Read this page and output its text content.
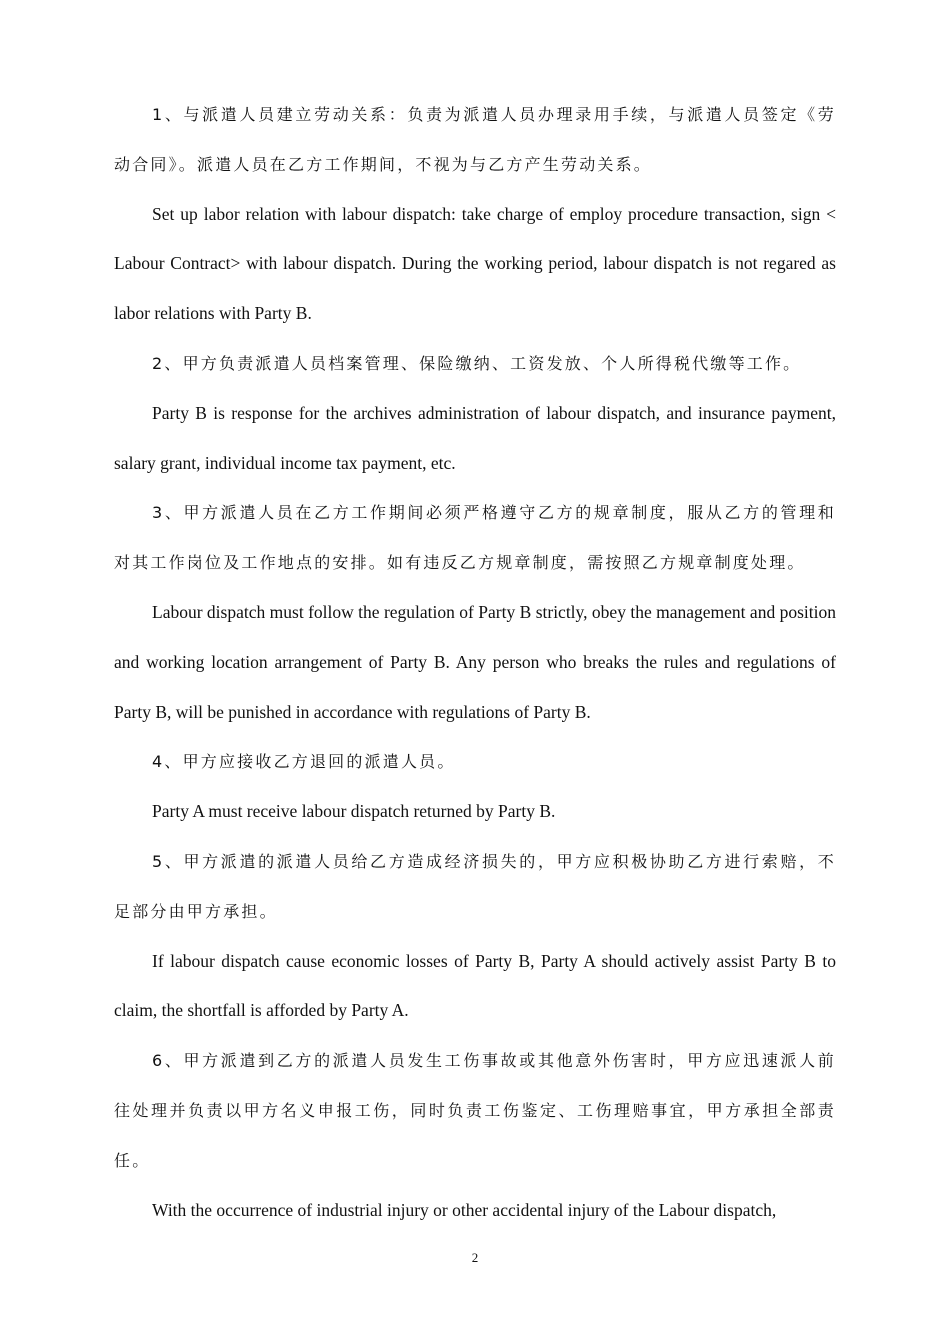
1、与派遣人员建立劳动关系：负责为派遣人员办理录用手续，与派遣人员签定《劳动合同》。派遣人员在乙方工作期间，不视为与乙方产生劳动关系。

Set up labor relation with labour dispatch: take charge of employ procedure transaction, sign < Labour Contract> with labour dispatch. During the working period, labour dispatch is not regared as labor relations with Party B.

2、甲方负责派遣人员档案管理、保险缴纳、工资发放、个人所得税代缴等工作。

Party B is response for the archives administration of labour dispatch, and insurance payment, salary grant, individual income tax payment, etc.

3、甲方派遣人员在乙方工作期间必须严格遵守乙方的规章制度，服从乙方的管理和对其工作岗位及工作地点的安排。如有违反乙方规章制度，需按照乙方规章制度处理。

Labour dispatch must follow the regulation of Party B strictly, obey the management and position and working location arrangement of Party B. Any person who breaks the rules and regulations of Party B, will be punished in accordance with regulations of Party B.

4、甲方应接收乙方退回的派遣人员。

Party A must receive labour dispatch returned by Party B.

5、甲方派遣的派遣人员给乙方造成经济损失的，甲方应积极协助乙方进行索赔，不足部分由甲方承担。

If labour dispatch cause economic losses of Party B, Party A should actively assist Party B to claim, the shortfall is afforded by Party A.

6、甲方派遣到乙方的派遣人员发生工伤事故或其他意外伤害时，甲方应迅速派人前往处理并负责以甲方名义申报工伤，同时负责工伤鉴定、工伤理赔事宜，甲方承担全部责任。

With the occurrence of industrial injury or other accidental injury of the Labour dispatch,

2
